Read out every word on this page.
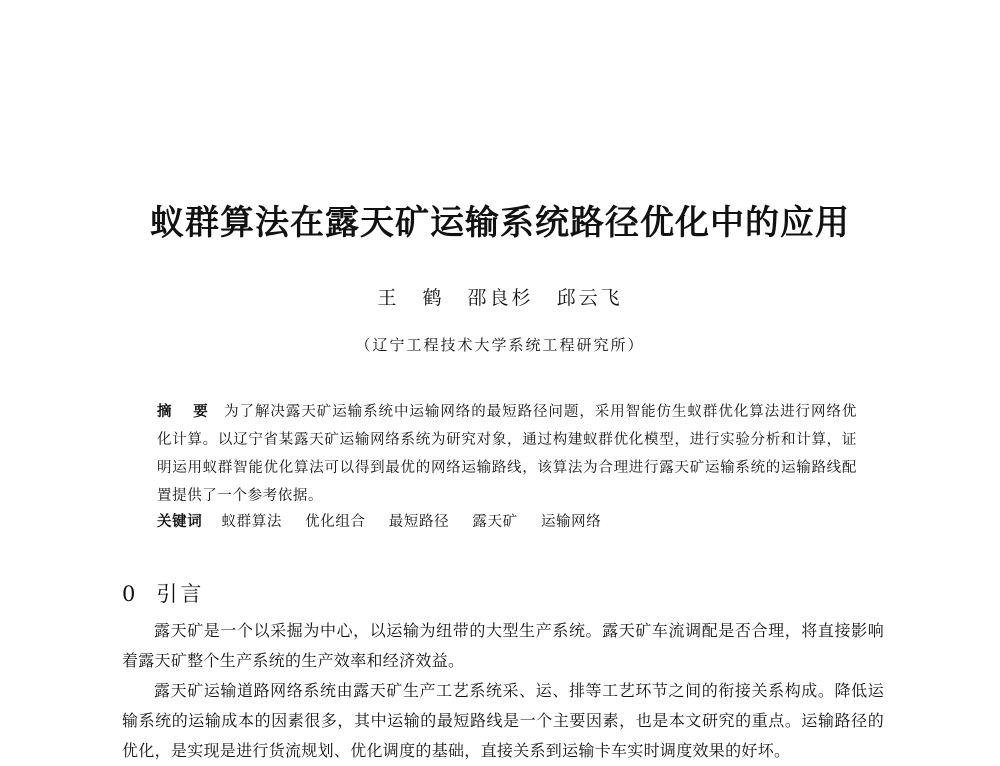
蚁群算法在露天矿运输系统路径优化中的应用
王 鹤 邵良杉 邱云飞
（辽宁工程技术大学系统工程研究所）
摘 要 为了解决露天矿运输系统中运输网络的最短路径问题，采用智能仿生蚁群优化算法进行网络优化计算。以辽宁省某露天矿运输网络系统为研究对象，通过构建蚁群优化模型，进行实验分析和计算，证明运用蚁群智能优化算法可以得到最优的网络运输路线，该算法为合理进行露天矿运输系统的运输路线配置提供了一个参考依据。
关键词 蚁群算法 优化组合 最短路径 露天矿 运输网络
0 引言

露天矿是一个以采掘为中心，以运输为纽带的大型生产系统。露天矿车流调配是否合理，将直接影响着露天矿整个生产系统的生产效率和经济效益。

露天矿运输道路网络系统由露天矿生产工艺系统采、运、排等工艺环节之间的衔接关系构成。降低运输系统的运输成本的因素很多，其中运输的最短路线是一个主要因素，也是本文研究的重点。运输路径的优化，是实现是进行货流规划、优化调度的基础，直接关系到运输卡车实时调度效果的好坏。
